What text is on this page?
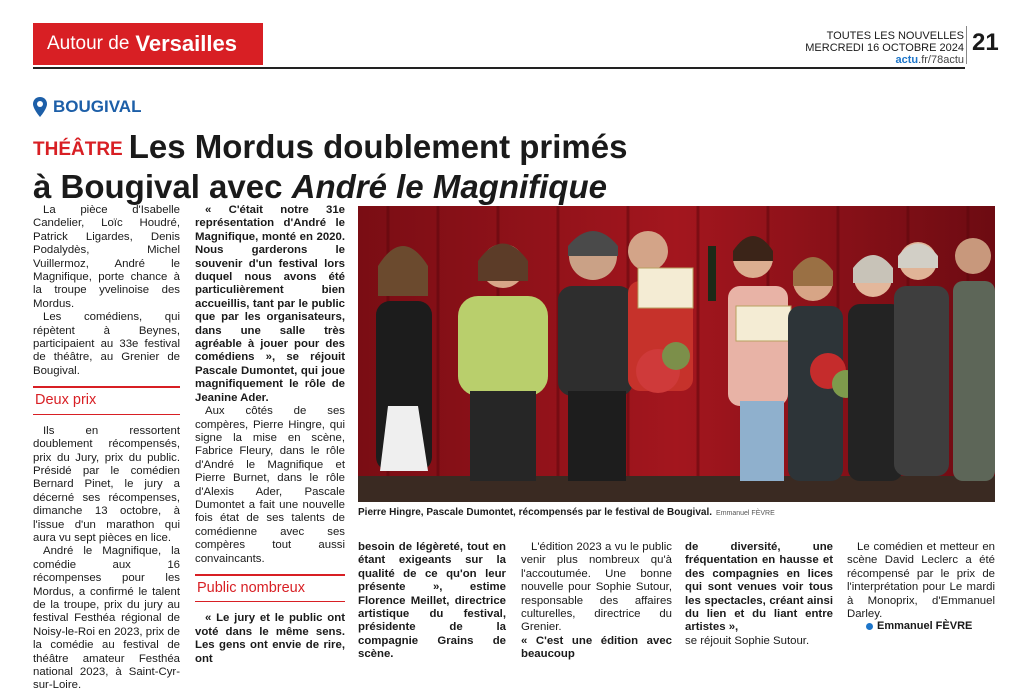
Autour de Versailles	TOUTES LES NOUVELLES
MERCREDI 16 OCTOBRE 2024
actu.fr/78actu
21
BOUGIVAL
THÉÂTRE Les Mordus doublement primés
à Bougival avec André le Magnifique

La pièce d'Isabelle Candelier, Loïc Houdré, Patrick Ligardes, Denis Podalydès, Michel Vuillermoz, André le Magnifique, porte chance à la troupe yvelinoise des Mordus.

Les comédiens, qui répètent à Beynes, participaient au 33e festival de théâtre, au Grenier de Bougival.

Deux prix

Ils en ressortent doublement récompensés, prix du Jury, prix du public. Présidé par le comédien Bernard Pinet, le jury a décerné ses récompenses, dimanche 13 octobre, à l'issue d'un marathon qui aura vu sept pièces en lice.

André le Magnifique, la comédie aux 16 récompenses pour les Mordus, a confirmé le talent de la troupe, prix du jury au festival Festhéa régional de Noisy-le-Roi en 2023, prix de la comédie au festival de théâtre amateur Festhéa national 2023, à Saint-Cyr-sur-Loire.

« C'était notre 31e représentation d'André le Magnifique, monté en 2020. Nous garderons le souvenir d'un festival lors duquel nous avons été particulièrement bien accueillis, tant par le public que par les organisateurs, dans une salle très agréable à jouer pour des comédiens », se réjouit Pascale Dumontet, qui joue magnifiquement le rôle de Jeanine Ader.

Aux côtés de ses compères, Pierre Hingre, qui signe la mise en scène, Fabrice Fleury, dans le rôle d'André le Magnifique et Pierre Burnet, dans le rôle d'Alexis Ader, Pascale Dumontet a fait une nouvelle fois état de ses talents de comédienne avec ses compères tout aussi convaincants.

Public nombreux

« Le jury et le public ont voté dans le même sens. Les gens ont envie de rire, ont

Pierre Hingre, Pascale Dumontet, récompensés par le festival de Bougival. Emmanuel FÈVRE

besoin de légèreté, tout en étant exigeants sur la qualité de ce qu'on leur présente », estime Florence Meillet, directrice artistique du festival, présidente de la compagnie Grains de scène.

L'édition 2023 a vu le public venir plus nombreux qu'à l'accoutumée. Une bonne nouvelle pour Sophie Sutour, responsable des affaires culturelles, directrice du Grenier.

« C'est une édition avec beaucoup

de diversité, une fréquentation en hausse et des compagnies en lices qui sont venues voir tous les spectacles, créant ainsi du lien et du liant entre artistes »,

se réjouit Sophie Sutour.

Le comédien et metteur en scène David Leclerc a été récompensé par le prix de l'interprétation pour Le mardi à Monoprix, d'Emmanuel Darley.

Emmanuel FÈVRE
